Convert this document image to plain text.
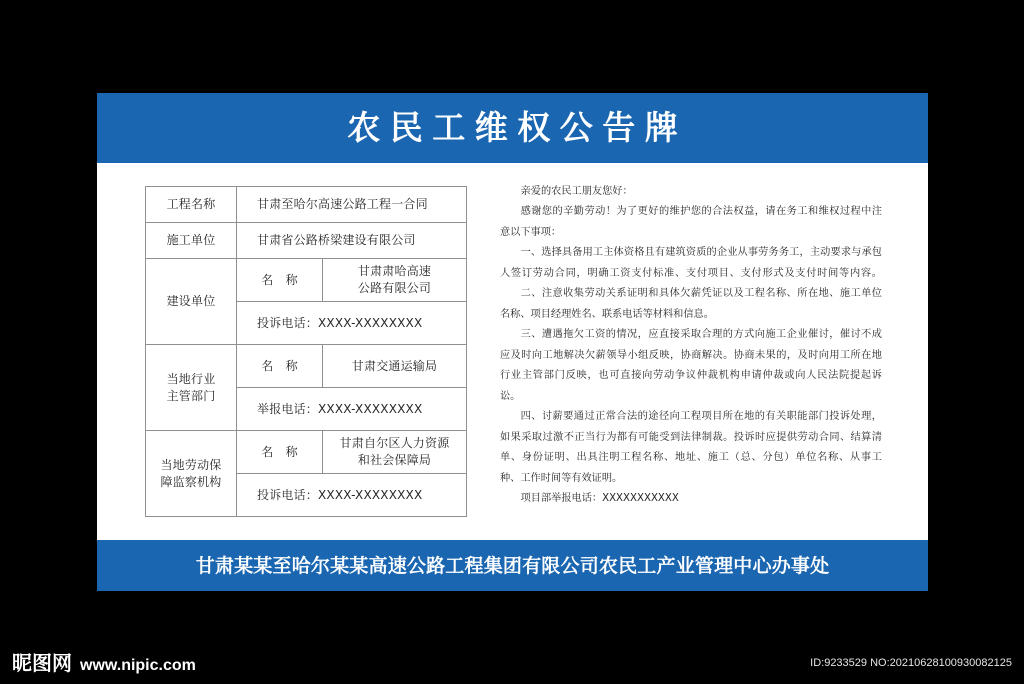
农民工维权公告牌
工程名称	甘肃至哈尔高速公路工程一合同	
施工单位	甘肃省公路桥梁建设有限公司	
建设单位	名　称	甘肃肃哈高速
公路有限公司
	投诉电话：XXXX-XXXXXXXX	
当地行业
主管部门	名　称	甘肃交通运输局
	举报电话：XXXX-XXXXXXXX	
当地劳动保
障监察机构	名　称	甘肃自尔区人力资源
和社会保障局
	投诉电话：XXXX-XXXXXXXX	
亲爱的农民工朋友您好：
感谢您的辛勤劳动！为了更好的维护您的合法权益，请在务工和维权过程中注
意以下事项：
一、选择具备用工主体资格且有建筑资质的企业从事劳务务工，主动要求与承包
人签订劳动合同，明确工资支付标准、支付项目、支付形式及支付时间等内容。
二、注意收集劳动关系证明和具体欠薪凭证以及工程名称、所在地、施工单位
名称、项目经理姓名、联系电话等材料和信息。
三、遭遇拖欠工资的情况，应直接采取合理的方式向施工企业催讨，催讨不成
应及时向工地解决欠薪领导小组反映，协商解决。协商未果的，及时向用工所在地
行业主管部门反映，也可直接向劳动争议仲裁机构申请仲裁或向人民法院提起诉
讼。
四、讨薪要通过正常合法的途径向工程项目所在地的有关职能部门投诉处理，
如果采取过激不正当行为都有可能受到法律制裁。投诉时应提供劳动合同、结算清
单、身份证明、出具注明工程名称、地址、施工（总、分包）单位名称、从事工
种、工作时间等有效证明。
项目部举报电话：XXXXXXXXXXX
甘肃某某至哈尔某某高速公路工程集团有限公司农民工产业管理中心办事处
昵图网 www.nipic.com	ID:9233529 NO:20210628100930082125
